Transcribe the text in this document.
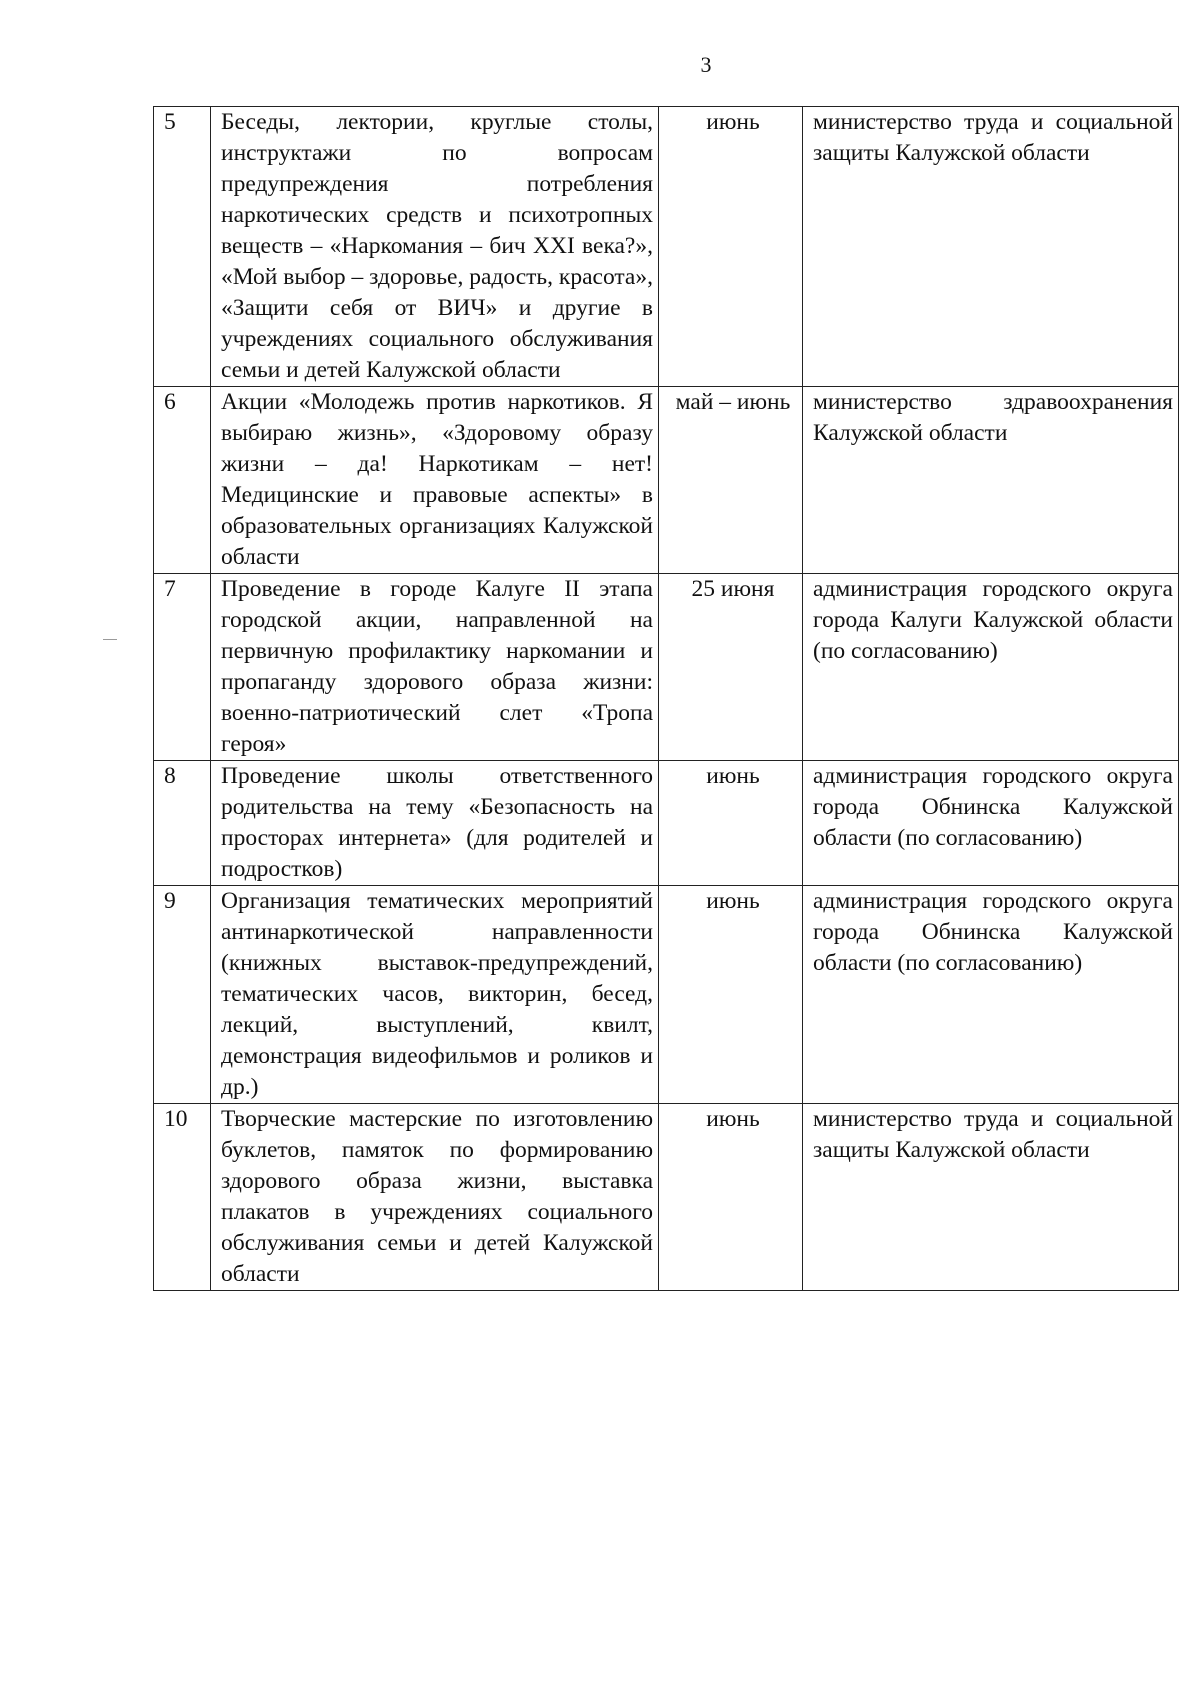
3
5	Беседы, лектории, круглые столы, инструктажи по вопросам предупреждения потребления наркотических средств и психотропных веществ – «Наркомания – бич XXI века?», «Мой выбор – здоровье, радость, красота», «Защити себя от ВИЧ» и другие в учреждениях социального обслуживания семьи и детей Калужской области	июнь	министерство труда и социальной защиты Калужской области
6	Акции «Молодежь против наркотиков. Я выбираю жизнь», «Здоровому образу жизни – да! Наркотикам – нет! Медицинские и правовые аспекты» в образовательных организациях Калужской области	май – июнь	министерство здравоохранения Калужской области
7	Проведение в городе Калуге II этапа городской акции, направленной на первичную профилактику наркомании и пропаганду здорового образа жизни: военно-патриотический слет «Тропа героя»	25 июня	администрация городского округа города Калуги Калужской области (по согласованию)
8	Проведение школы ответственного родительства на тему «Безопасность на просторах интернета» (для родителей и подростков)	июнь	администрация городского округа города Обнинска Калужской области (по согласованию)
9	Организация тематических мероприятий антинаркотической направленности (книжных выставок-предупреждений, тематических часов, викторин, бесед, лекций, выступлений, квилт, демонстрация видеофильмов и роликов и др.)	июнь	администрация городского округа города Обнинска Калужской области (по согласованию)
10	Творческие мастерские по изготовлению буклетов, памяток по формированию здорового образа жизни, выставка плакатов в учреждениях социального обслуживания семьи и детей Калужской области	июнь	министерство труда и социальной защиты Калужской области
